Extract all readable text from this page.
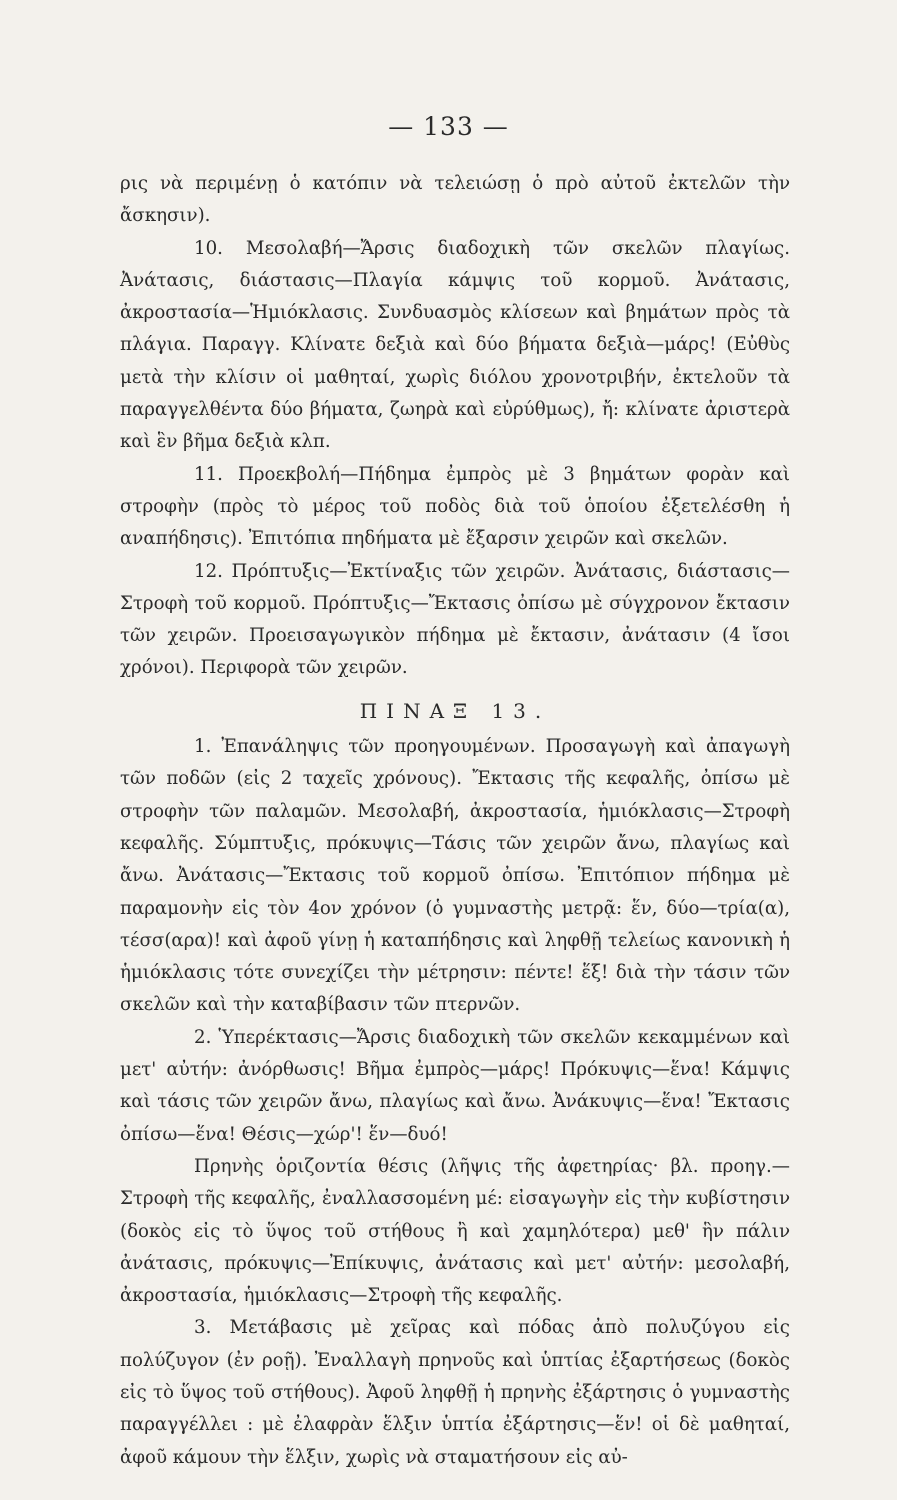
— 133 —

ρις νὰ περιμένῃ ὁ κατόπιν νὰ τελειώσῃ ὁ πρὸ αὐτοῦ ἐκτελῶν τὴν ἄσκησιν).

10. Μεσολαβή—Ἄρσις διαδοχικὴ τῶν σκελῶν πλαγίως. Ἀνάτασις, διάστασις—Πλαγία κάμψις τοῦ κορμοῦ. Ἀνάτασις, ἀκροστασία—Ἡμιόκλασις. Συνδυασμὸς κλίσεων καὶ βημάτων πρὸς τὰ πλάγια. Παραγγ. Κλίνατε δεξιὰ καὶ δύο βήματα δεξιὰ—μάρς! (Εὐθὺς μετὰ τὴν κλίσιν οἱ μαθηταί, χωρὶς διόλου χρονοτριβήν, ἐκτελοῦν τὰ παραγγελθέντα δύο βήματα, ζωηρὰ καὶ εὐρύθμως), ἤ: κλίνατε ἀριστερὰ καὶ ἓν βῆμα δεξιὰ κλπ.

11. Προεκβολή—Πήδημα ἐμπρὸς μὲ 3 βημάτων φορὰν καὶ στροφὴν (πρὸς τὸ μέρος τοῦ ποδὸς διὰ τοῦ ὁποίου ἐξετελέσθη ἡ αναπήδησις). Ἐπιτόπια πηδήματα μὲ ἔξαρσιν χειρῶν καὶ σκελῶν.

12. Πρόπτυξις—Ἐκτίναξις τῶν χειρῶν. Ἀνάτασις, διάστασις—Στροφὴ τοῦ κορμοῦ. Πρόπτυξις—Ἔκτασις ὀπίσω μὲ σύγχρονον ἔκτασιν τῶν χειρῶν. Προεισαγωγικὸν πήδημα μὲ ἔκτασιν, ἀνάτασιν (4 ἴσοι χρόνοι). Περιφορὰ τῶν χειρῶν.

ΠΙΝΑΞ 13.

1. Ἐπανάληψις τῶν προηγουμένων. Προσαγωγὴ καὶ ἀπαγωγὴ τῶν ποδῶν (εἰς 2 ταχεῖς χρόνους). Ἔκτασις τῆς κεφαλῆς, ὀπίσω μὲ στροφὴν τῶν παλαμῶν. Μεσολαβή, ἀκροστασία, ἡμιόκλασις—Στροφὴ κεφαλῆς. Σύμπτυξις, πρόκυψις—Τάσις τῶν χειρῶν ἄνω, πλαγίως καὶ ἄνω. Ἀνάτασις—Ἔκτασις τοῦ κορμοῦ ὀπίσω. Ἐπιτόπιον πήδημα μὲ παραμονὴν εἰς τὸν 4ον χρόνον (ὁ γυμναστὴς μετρᾷ: ἕν, δύο—τρία(α), τέσσ(αρα)! καὶ ἀφοῦ γίνῃ ἡ καταπήδησις καὶ ληφθῇ τελείως κανονικὴ ἡ ἡμιόκλασις τότε συνεχίζει τὴν μέτρησιν: πέντε! ἕξ! διὰ τὴν τάσιν τῶν σκελῶν καὶ τὴν καταβίβασιν τῶν πτερνῶν.

2. Ὑπερέκτασις—Ἄρσις διαδοχικὴ τῶν σκελῶν κεκαμμένων καὶ μετ' αὐτήν: ἀνόρθωσις! Βῆμα ἐμπρὸς—μάρς! Πρόκυψις—ἕνα! Κάμψις καὶ τάσις τῶν χειρῶν ἄνω, πλαγίως καὶ ἄνω. Ἀνάκυψις—ἕνα! Ἔκτασις ὀπίσω—ἕνα! Θέσις—χώρ'! ἕν—δυό!

Πρηνὴς ὁριζοντία θέσις (λῆψις τῆς ἀφετηρίας· βλ. προηγ.—Στροφὴ τῆς κεφαλῆς, ἐναλλασσομένη μέ: εἰσαγωγὴν εἰς τὴν κυβίστησιν (δοκὸς εἰς τὸ ὕψος τοῦ στήθους ἢ καὶ χαμηλότερα) μεθ' ἣν πάλιν ἀνάτασις, πρόκυψις—Ἐπίκυψις, ἀνάτασις καὶ μετ' αὐτήν: μεσολαβή, ἀκροστασία, ἡμιόκλασις—Στροφὴ τῆς κεφαλῆς.

3. Μετάβασις μὲ χεῖρας καὶ πόδας ἀπὸ πολυζύγου εἰς πολύζυγον (ἐν ροῇ). Ἐναλλαγὴ πρηνοῦς καὶ ὑπτίας ἐξαρτήσεως (δοκὸς εἰς τὸ ὕψος τοῦ στήθους). Ἀφοῦ ληφθῇ ἡ πρηνὴς ἐξάρτησις ὁ γυμναστὴς παραγγέλλει : μὲ ἐλαφρὰν ἕλξιν ὑπτία ἐξάρτησις—ἕν! οἱ δὲ μαθηταί, ἀφοῦ κάμουν τὴν ἕλξιν, χωρὶς νὰ σταματήσουν εἰς αὐ-
